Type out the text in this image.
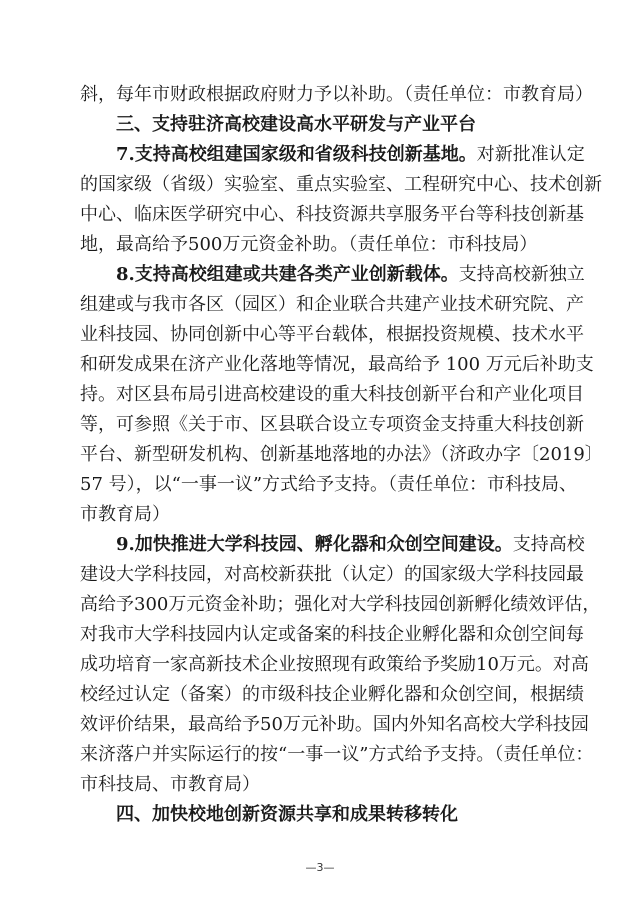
斜，每年市财政根据政府财力予以补助。（责任单位：市教育局）
三、支持驻济高校建设高水平研发与产业平台
7.支持高校组建国家级和省级科技创新基地。对新批准认定
的国家级（省级）实验室、重点实验室、工程研究中心、技术创新
中心、临床医学研究中心、科技资源共享服务平台等科技创新基
地，最高给予500万元资金补助。（责任单位：市科技局）
8.支持高校组建或共建各类产业创新载体。支持高校新独立
组建或与我市各区（园区）和企业联合共建产业技术研究院、产
业科技园、协同创新中心等平台载体，根据投资规模、技术水平
和研发成果在济产业化落地等情况，最高给予 100 万元后补助支
持。对区县布局引进高校建设的重大科技创新平台和产业化项目
等，可参照《关于市、区县联合设立专项资金支持重大科技创新
平台、新型研发机构、创新基地落地的办法》（济政办字〔2019〕
57 号），以“一事一议”方式给予支持。（责任单位：市科技局、
市教育局）
9.加快推进大学科技园、孵化器和众创空间建设。支持高校
建设大学科技园，对高校新获批（认定）的国家级大学科技园最
高给予300万元资金补助；强化对大学科技园创新孵化绩效评估，
对我市大学科技园内认定或备案的科技企业孵化器和众创空间每
成功培育一家高新技术企业按照现有政策给予奖励10万元。对高
校经过认定（备案）的市级科技企业孵化器和众创空间，根据绩
效评价结果，最高给予50万元补助。国内外知名高校大学科技园
来济落户并实际运行的按“一事一议”方式给予支持。（责任单位：
市科技局、市教育局）
四、加快校地创新资源共享和成果转移转化
—3—
